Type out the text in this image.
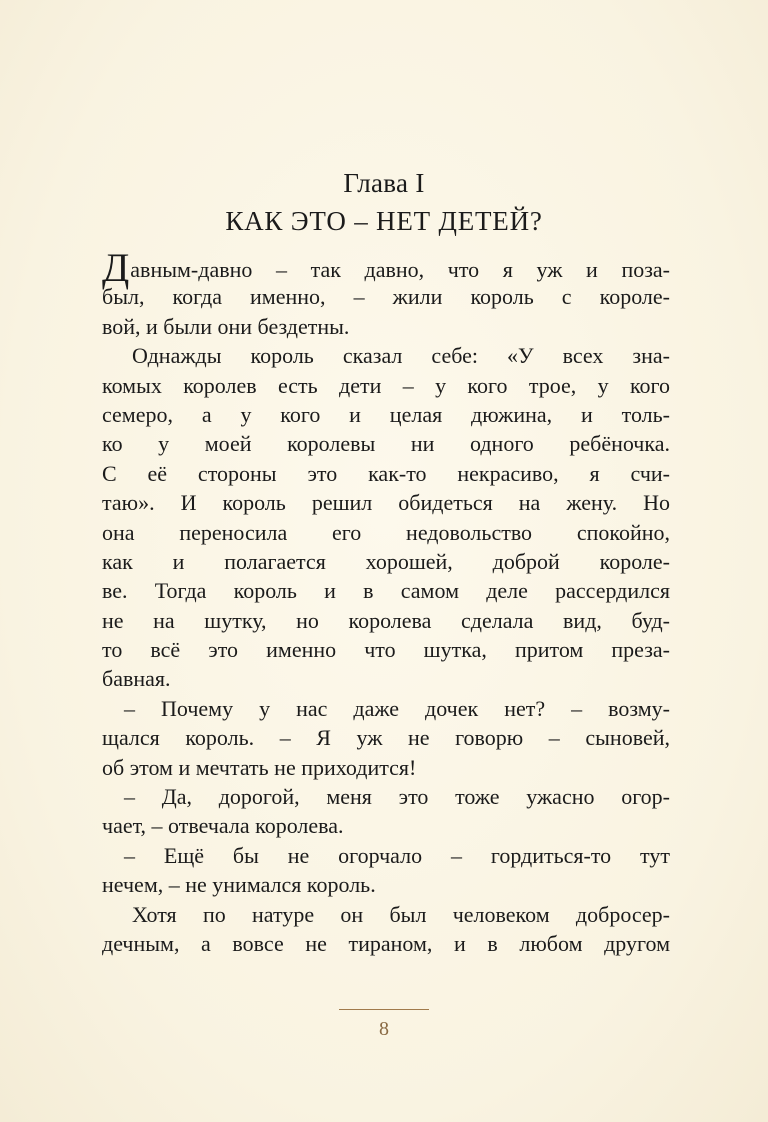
Глава I
КАК ЭТО – НЕТ ДЕТЕЙ?
Давным-давно – так давно, что я уж и поза-
был, когда именно, – жили король с короле-
вой, и были они бездетны.
Однажды король сказал себе: «У всех зна-
комых королев есть дети – у кого трое, у кого
семеро, а у кого и целая дюжина, и толь-
ко у моей королевы ни одного ребёночка.
С её стороны это как-то некрасиво, я счи-
таю». И король решил обидеться на жену. Но
она переносила его недовольство спокойно,
как и полагается хорошей, доброй короле-
ве. Тогда король и в самом деле рассердился
не на шутку, но королева сделала вид, буд-
то всё это именно что шутка, притом преза-
бавная.
– Почему у нас даже дочек нет? – возму-
щался король. – Я уж не говорю – сыновей,
об этом и мечтать не приходится!
– Да, дорогой, меня это тоже ужасно огор-
чает, – отвечала королева.
– Ещё бы не огорчало – гордиться-то тут
нечем, – не унимался король.
Хотя по натуре он был человеком добросер-
дечным, а вовсе не тираном, и в любом другом
8
